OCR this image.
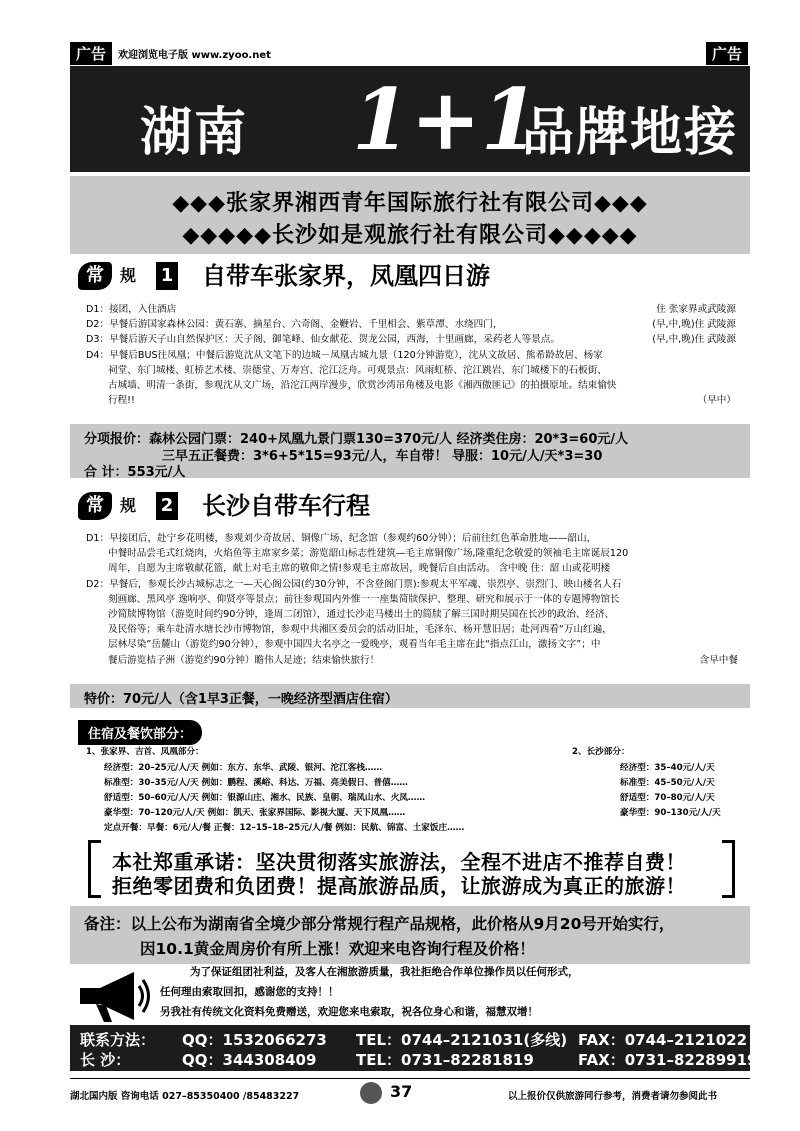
广告	欢迎浏览电子版 www.zyoo.net	广告
湖南 1+1
品牌地接
◆◆◆张家界湘西青年国际旅行社有限公司◆◆◆
◆◆◆◆◆长沙如是观旅行社有限公司◆◆◆◆◆
常	规 1 自带车张家界，凤凰四日游
D1：接团，入住酒店	住 张家界或武陵源
D2：早餐后游国家森林公园：黄石寨、摘星台、六奇阁、金鞭岩、千里相会、紫草潭、水绕四门，	(早,中,晚)住 武陵源
D3：早餐后游天子山自然保护区：天子阁、御笔峰、仙女献花、贺龙公园，西海，十里画廊，采药老人等景点。	(早,中,晚)住 武陵源
D4：早餐后BUS往凤凰；中餐后游览沈从文笔下的边城－凤凰古城九景（120分钟游览），沈从文故居、熊希龄故居、杨家
祠堂、东门城楼、虹桥艺术楼、崇德堂、万寿宫、沱江泛舟。可观景点：风雨虹桥、沱江跳岩、东门城楼下的石板街、
古城墙、明清一条街，参观沈从文广场，沿沱江两岸漫步，欣赏沙湾吊角楼及电影《湘西傲匪记》的拍摄原址。结束愉快
行程!!	（早中）
分项报价：森林公园门票：240+凤凰九景门票130=370元/人 经济类住房：20*3=60元/人
三早五正餐费：3*6+5*15=93元/人，车自带！ 导服：10元/人/天*3=30
合 计：553元/人
常	规 2 长沙自带车行程
D1：早接团后，赴宁乡花明楼，参观刘少奇故居、铜像广场、纪念馆（参观约60分钟）；后前往红色革命胜地——韶山，
中餐时品尝毛式红烧肉，火焰鱼等主席家乡菜；游览韶山标志性建筑—毛主席铜像广场,隆重纪念敬爱的领袖毛主席诞辰120
周年，自愿为主席敬献花篮，献上对毛主席的敬仰之情!参观毛主席故居，晚餐后自由活动。 含中晚 住：韶 山或花明楼
D2：早餐后，参观长沙古城标志之一—天心阁公园(约30分钟，不含登阁门票):参观太平军魂、崇烈亭、崇烈门、映山楼名人石
刻画廊、黑风亭 逸响亭、仰贤亭等景点；前往参观国内外惟一一座集简牍保护、整理、研究和展示于一体的专题博物馆长
沙简牍博物馆（游览时间约90分钟，逢周二闭馆），通过长沙走马楼出土的简牍了解三国时期吴国在长沙的政治、经济、
及民俗等；乘车赴清水塘长沙市博物馆，参观中共湘区委员会的活动旧址，毛泽东、杨开慧旧居；赴河西看“万山红遍，
层林尽染”岳麓山（游览约90分钟），参观中国四大名亭之一爱晚亭，观看当年毛主席在此“指点江山，激扬文字”；中
餐后游览桔子洲（游览约90分钟）瞻伟人足迹；结束愉快旅行！	含早中餐
特价：70元/人（含1早3正餐，一晚经济型酒店住宿）
住宿及餐饮部分：
1、张家界、吉首、凤凰部分：
经济型：20–25元/人/天 例如：东方、东华、武陵、银河、沱江客栈……
标准型：30–35元/人/天 例如：鹏程、溪峪、科达、万福、亮美假日、普僖……
舒适型：50–60元/人/天 例如：银源山庄、湘水、民族、皇朝、瑞凤山水、火凤……
豪华型：70–120元/人/天 例如：凯天、张家界国际、影视大厦、天下凤凰……
定点开餐：早餐：6元/人/餐 正餐：12–15–18–25元/人/餐 例如：民航、锦富、土家饭庄……
2、长沙部分：
经济型：35–40元/人/天
标准型：45–50元/人/天
舒适型：70–80元/人/天
豪华型：90–130元/人/天
本社郑重承诺：坚决贯彻落实旅游法，全程不进店不推荐自费！
拒绝零团费和负团费！提高旅游品质，让旅游成为真正的旅游！
备注：以上公布为湖南省全境少部分常规行程产品规格，此价格从9月20号开始实行，
因10.1黄金周房价有所上涨！欢迎来电咨询行程及价格！
为了保证组团社利益，及客人在湘旅游质量，我社拒绝合作单位操作员以任何形式，
任何理由索取回扣，感谢您的支持！！
另我社有传统文化资料免费赠送，欢迎您来电索取，祝各位身心和谐，福慧双增！
联系方法： QQ：1532066273 TEL：0744–2121031(多线) FAX：0744–2121022
长 沙：	QQ：344308409	TEL：0731–82281819	FAX：0731–82289919
湖北国内版 咨询电话 027–85350400 /85483227	37	以上报价仅供旅游同行参考，消费者请勿参阅此书
